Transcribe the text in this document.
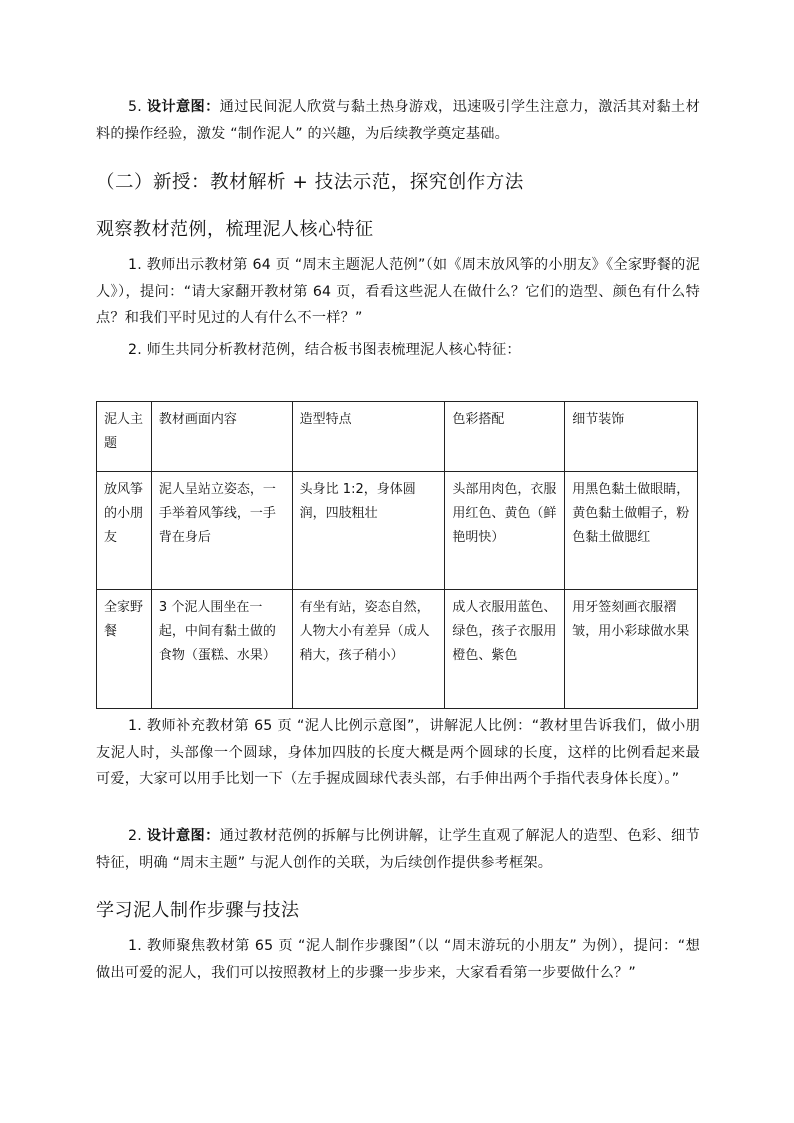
5. 设计意图：通过民间泥人欣赏与黏土热身游戏，迅速吸引学生注意力，激活其对黏土材料的操作经验，激发 “制作泥人” 的兴趣，为后续教学奠定基础。

（二）新授：教材解析 + 技法示范，探究创作方法
观察教材范例，梳理泥人核心特征

1. 教师出示教材第 64 页 “周末主题泥人范例”（如《周末放风筝的小朋友》《全家野餐的泥人》），提问：“请大家翻开教材第 64 页，看看这些泥人在做什么？它们的造型、颜色有什么特点？和我们平时见过的人有什么不一样？”

2. 师生共同分析教材范例，结合板书图表梳理泥人核心特征：

泥人主题	教材画面内容	造型特点	色彩搭配	细节装饰
放风筝的小朋友	泥人呈站立姿态，一手举着风筝线，一手背在身后	头身比 1:2，身体圆润，四肢粗壮	头部用肉色，衣服用红色、黄色（鲜艳明快）	用黑色黏土做眼睛，黄色黏土做帽子，粉色黏土做腮红
全家野餐	3 个泥人围坐在一起，中间有黏土做的食物（蛋糕、水果）	有坐有站，姿态自然，人物大小有差异（成人稍大，孩子稍小）	成人衣服用蓝色、绿色，孩子衣服用橙色、紫色	用牙签刻画衣服褶皱，用小彩球做水果

1. 教师补充教材第 65 页 “泥人比例示意图”，讲解泥人比例：“教材里告诉我们，做小朋友泥人时，头部像一个圆球，身体加四肢的长度大概是两个圆球的长度，这样的比例看起来最可爱，大家可以用手比划一下（左手握成圆球代表头部，右手伸出两个手指代表身体长度）。”

2. 设计意图：通过教材范例的拆解与比例讲解，让学生直观了解泥人的造型、色彩、细节特征，明确 “周末主题” 与泥人创作的关联，为后续创作提供参考框架。

学习泥人制作步骤与技法

1. 教师聚焦教材第 65 页 “泥人制作步骤图”（以 “周末游玩的小朋友” 为例），提问：“想做出可爱的泥人，我们可以按照教材上的步骤一步步来，大家看看第一步要做什么？”
